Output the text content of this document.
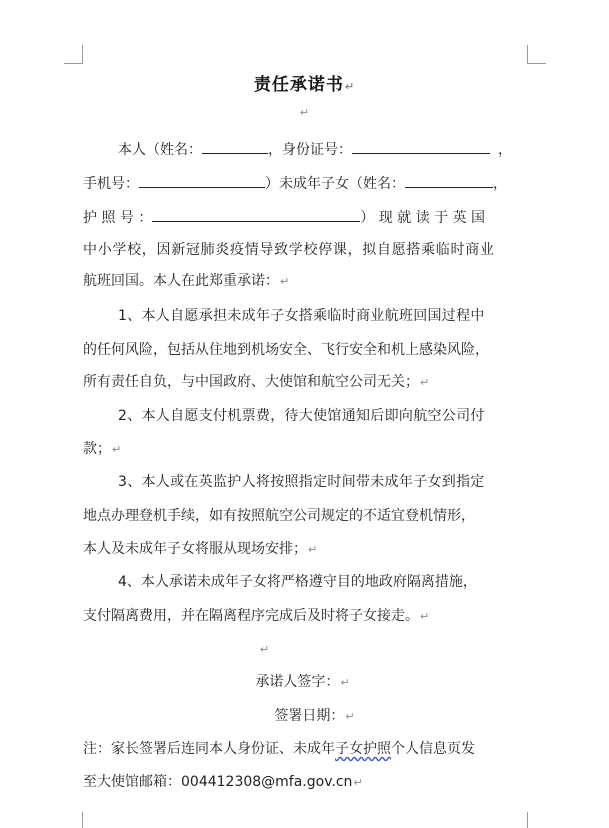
责任承诺书↵
↵
本人（姓名：	，身份证号：	，
手机号：	）未成年子女（姓名：	，
护 照 号 ：	） 现 就 读 于 英 国
中小学校，因新冠肺炎疫情导致学校停课，拟自愿搭乘临时商业
航班回国。本人在此郑重承诺：↵
1、本人自愿承担未成年子女搭乘临时商业航班回国过程中
的任何风险，包括从住地到机场安全、飞行安全和机上感染风险，
所有责任自负，与中国政府、大使馆和航空公司无关；↵
2、本人自愿支付机票费，待大使馆通知后即向航空公司付
款；↵
3、本人或在英监护人将按照指定时间带未成年子女到指定
地点办理登机手续，如有按照航空公司规定的不适宜登机情形，
本人及未成年子女将服从现场安排；↵
4、本人承诺未成年子女将严格遵守目的地政府隔离措施，
支付隔离费用，并在隔离程序完成后及时将子女接走。↵
↵
承诺人签字：↵
签署日期：↵
注：家长签署后连同本人身份证、未成年子女护照个人信息页发
至大使馆邮箱：004412308@mfa.gov.cn↵
